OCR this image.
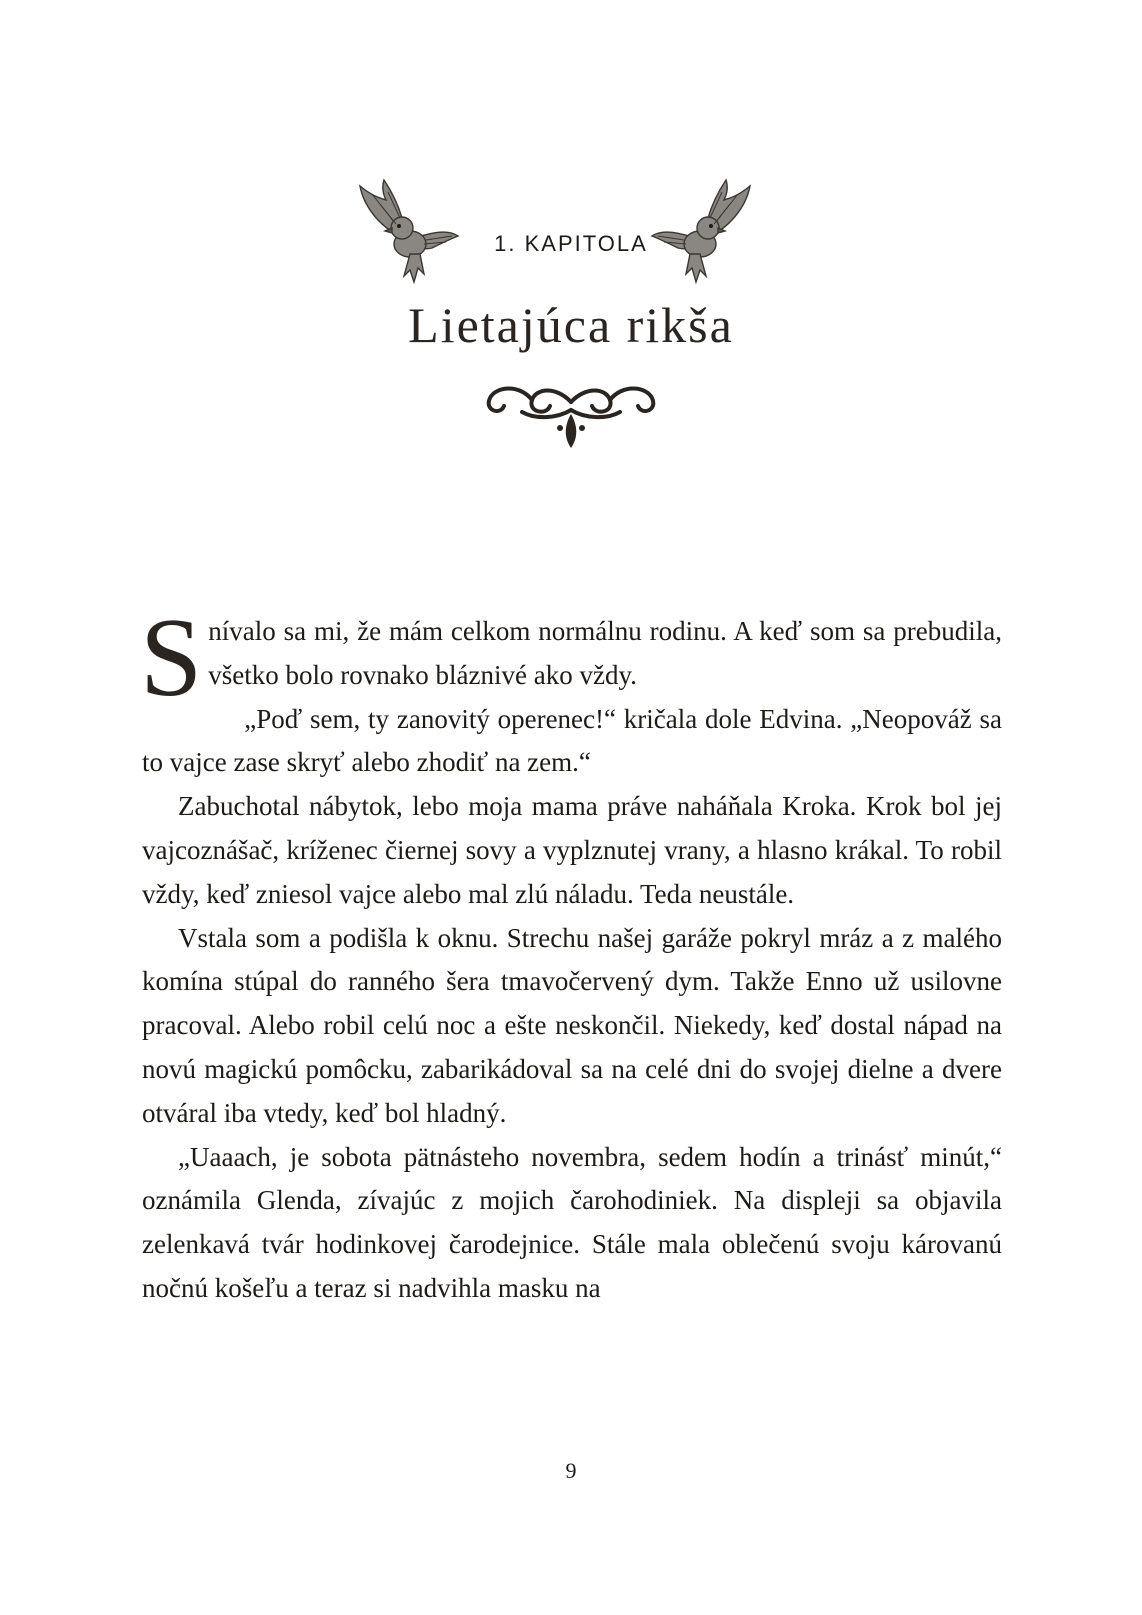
1. KAPITOLA
Lietajúca rikša

Snívalo sa mi, že mám celkom normálnu rodinu. A keď som sa prebudila, všetko bolo rovnako bláznivé ako vždy.

„Poď sem, ty zanovitý operenec!“ kričala dole Edvina. „Neopováž sa to vajce zase skryť alebo zhodiť na zem.“

Zabuchotal nábytok, lebo moja mama práve naháňala Kroka. Krok bol jej vajcoznášač, kríženec čiernej sovy a vyplznutej vrany, a hlasno krákal. To robil vždy, keď zniesol vajce alebo mal zlú náladu. Teda neustále.

Vstala som a podišla k oknu. Strechu našej garáže pokryl mráz a z malého komína stúpal do ranného šera tmavočervený dym. Takže Enno už usilovne pracoval. Alebo robil celú noc a ešte neskončil. Niekedy, keď dostal nápad na novú magickú pomôcku, zabarikádoval sa na celé dni do svojej dielne a dvere otváral iba vtedy, keď bol hladný.

„Uaaach, je sobota pätnásteho novembra, sedem hodín a trinásť minút,“ oznámila Glenda, zívajúc z mojich čarohodiniek. Na displeji sa objavila zelenkavá tvár hodinkovej čarodejnice. Stále mala oblečenú svoju károvanú nočnú košeľu a teraz si nadvihla masku na

9
